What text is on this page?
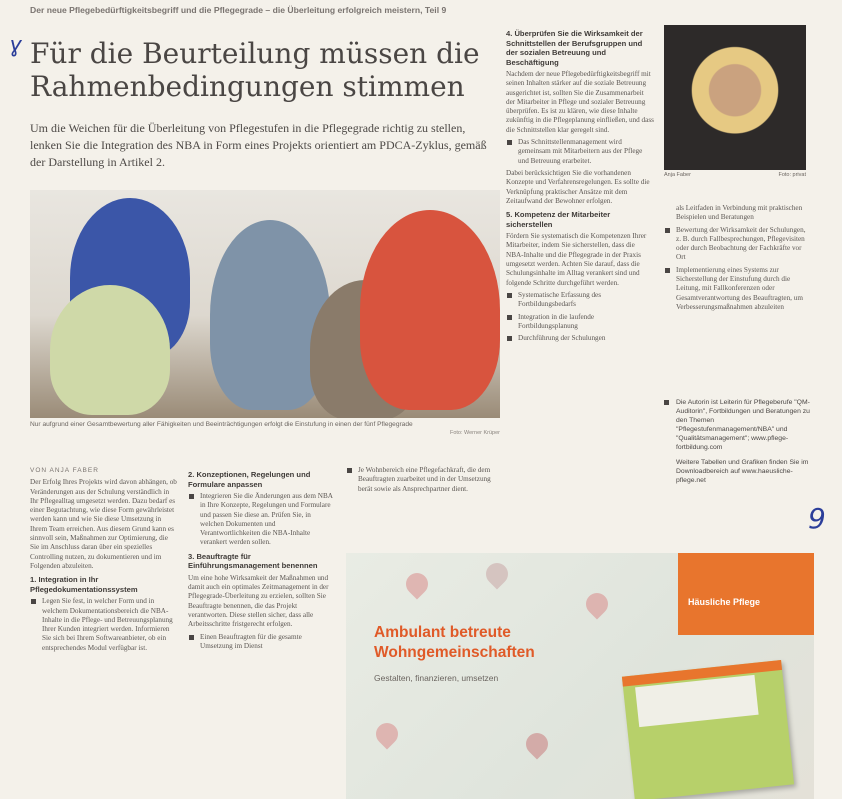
Der neue Pflegebedürftigkeitsbegriff und die Pflegegrade – die Überleitung erfolgreich meistern, Teil 9
ɣ Für die Beurteilung müssen die Rahmenbedingungen stimmen
Um die Weichen für die Überleitung von Pflegestufen in die Pflegegrade richtig zu stellen, lenken Sie die Integration des NBA in Form eines Projekts orientiert am PDCA-Zyklus, gemäß der Darstellung in Artikel 2.
Nur aufgrund einer Gesamtbewertung aller Fähigkeiten und Beeinträchtigungen erfolgt die Einstufung in einen der fünf Pflegegrade
Foto: Werner Krüper

VON ANJA FABER

Der Erfolg Ihres Projekts wird davon abhängen, ob Veränderungen aus der Schulung verständlich in Ihr Pflegealltag umgesetzt werden. Dazu bedarf es einer Begutachtung, wie diese Form gewährleistet werden kann und wie Sie diese Umsetzung in Ihrem Team erreichen. Aus diesem Grund kann es sinnvoll sein, Maßnahmen zur Optimierung, die Sie im Anschluss daran über ein spezielles Controlling nutzen, zu dokumentieren und im Folgenden abzuleiten.

1. Integration in Ihr Pflegedokumentationssystem
Legen Sie fest, in welcher Form und in welchem Dokumentationsbereich die NBA-Inhalte in die Pflege- und Betreuungsplanung Ihrer Kunden integriert werden. Informieren Sie sich bei Ihrem Softwareanbieter, ob ein entsprechendes Modul verfügbar ist.
2. Konzeptionen, Regelungen und Formulare anpassen
Integrieren Sie die Änderungen aus dem NBA in Ihre Konzepte, Regelungen und Formulare und passen Sie diese an. Prüfen Sie, in welchen Dokumenten und Verantwortlichkeiten die NBA-Inhalte verankert werden sollen.
3. Beauftragte für Einführungsmanagement benennen

Um eine hohe Wirksamkeit der Maßnahmen und damit auch ein optimales Zeitmanagement in der Pflegegrade-Überleitung zu erzielen, sollten Sie Beauftragte benennen, die das Projekt verantworten. Diese stellen sicher, dass alle Arbeitsschritte fristgerecht erfolgen.

Einen Beauftragten für die gesamte Umsetzung im Dienst
Je Wohnbereich eine Pflegefachkraft, die dem Beauftragten zuarbeitet und in der Umsetzung berät sowie als Ansprechpartner dient.
4. Überprüfen Sie die Wirksamkeit der Schnittstellen der Berufsgruppen und der sozialen Betreuung und Beschäftigung

Nachdem der neue Pflegebedürftigkeitsbegriff mit seinen Inhalten stärker auf die soziale Betreuung ausgerichtet ist, sollten Sie die Zusammenarbeit der Mitarbeiter in Pflege und sozialer Betreuung überprüfen. Es ist zu klären, wie diese Inhalte zukünftig in die Pflegeplanung einfließen, und dass die Schnittstellen klar geregelt sind.

Das Schnittstellenmanagement wird gemeinsam mit Mitarbeitern aus der Pflege und Betreuung erarbeitet.

Dabei berücksichtigen Sie die vorhandenen Konzepte und Verfahrensregelungen. Es sollte die Verknüpfung praktischer Ansätze mit dem Zeitaufwand der Bewohner erfolgen.

5. Kompetenz der Mitarbeiter sicherstellen

Fördern Sie systematisch die Kompetenzen Ihrer Mitarbeiter, indem Sie sicherstellen, dass die NBA-Inhalte und die Pflegegrade in der Praxis umgesetzt werden. Achten Sie darauf, dass die Schulungsinhalte im Alltag verankert sind und folgende Schritte durchgeführt werden.

Systematische Erfassung des Fortbildungsbedarfs
Integration in die laufende Fortbildungsplanung
Durchführung der Schulungen
Anja Faber	Foto: privat

als Leitfaden in Verbindung mit praktischen Beispielen und Beratungen

Bewertung der Wirksamkeit der Schulungen, z. B. durch Fallbesprechungen, Pflegevisiten oder durch Beobachtung der Fachkräfte vor Ort
Implementierung eines Systems zur Sicherstellung der Einstufung durch die Leitung, mit Fallkonferenzen oder Gesamtverantwortung des Beauftragten, um Verbesserungsmaßnahmen abzuleiten
Die Autorin ist Leiterin für Pflegeberufe "QM-Auditorin", Fortbildungen und Beratungen zu den Themen "Pflegestufenmanagement/NBA" und "Qualitätsmanagement"; www.pflege-fortbildung.com
Weitere Tabellen und Grafiken finden Sie im Downloadbereich auf www.haeusliche-pflege.net
9
Ambulant betreute
Wohngemeinschaften
Gestalten, finanzieren, umsetzen
Häusliche Pflege
